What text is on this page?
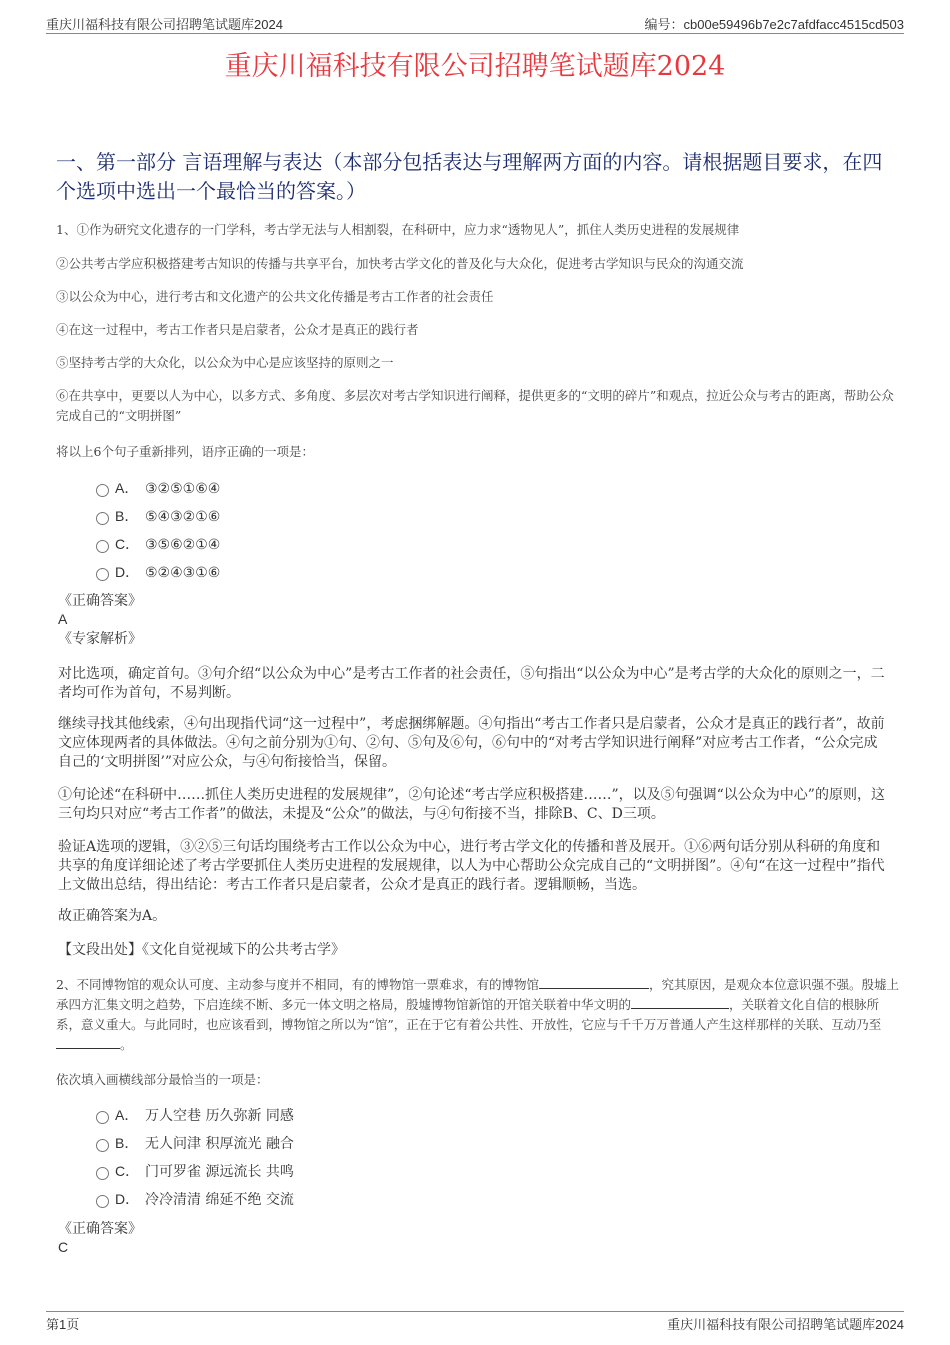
重庆川福科技有限公司招聘笔试题库2024	编号：cb00e59496b7e2c7afdfacc4515cd503
重庆川福科技有限公司招聘笔试题库2024
一、第一部分 言语理解与表达（本部分包括表达与理解两方面的内容。请根据题目要求，在四个选项中选出一个最恰当的答案。）
1、①作为研究文化遗存的一门学科，考古学无法与人相割裂，在科研中，应力求“透物见人”，抓住人类历史进程的发展规律
②公共考古学应积极搭建考古知识的传播与共享平台，加快考古学文化的普及化与大众化，促进考古学知识与民众的沟通交流
③以公众为中心，进行考古和文化遗产的公共文化传播是考古工作者的社会责任
④在这一过程中，考古工作者只是启蒙者，公众才是真正的践行者
⑤坚持考古学的大众化，以公众为中心是应该坚持的原则之一
⑥在共享中，更要以人为中心，以多方式、多角度、多层次对考古学知识进行阐释，提供更多的“文明的碎片”和观点，拉近公众与考古的距离，帮助公众完成自己的“文明拼图”
将以上6个句子重新排列，语序正确的一项是：
A． ③②⑤①⑥④
B． ⑤④③②①⑥
C． ③⑤⑥②①④
D． ⑤②④③①⑥
《正确答案》
A
《专家解析》
对比选项，确定首句。③句介绍“以公众为中心”是考古工作者的社会责任，⑤句指出“以公众为中心”是考古学的大众化的原则之一，二者均可作为首句，不易判断。
继续寻找其他线索，④句出现指代词“这一过程中”，考虑捆绑解题。④句指出“考古工作者只是启蒙者，公众才是真正的践行者”，故前文应体现两者的具体做法。④句之前分别为①句、②句、⑤句及⑥句，⑥句中的“对考古学知识进行阐释”对应考古工作者，“公众完成自己的‘文明拼图’”对应公众，与④句衔接恰当，保留。
①句论述“在科研中……抓住人类历史进程的发展规律”，②句论述“考古学应积极搭建……”，以及⑤句强调“以公众为中心”的原则，这三句均只对应“考古工作者”的做法，未提及“公众”的做法，与④句衔接不当，排除B、C、D三项。
验证A选项的逻辑，③②⑤三句话均围绕考古工作以公众为中心，进行考古学文化的传播和普及展开。①⑥两句话分别从科研的角度和共享的角度详细论述了考古学要抓住人类历史进程的发展规律，以人为中心帮助公众完成自己的“文明拼图”。④句“在这一过程中”指代上文做出总结，得出结论：考古工作者只是启蒙者，公众才是真正的践行者。逻辑顺畅，当选。
故正确答案为A。
【文段出处】《文化自觉视域下的公共考古学》
2、不同博物馆的观众认可度、主动参与度并不相同，有的博物馆一票难求，有的博物馆	，究其原因，是观众本位意识强不强。殷墟上承四方汇集文明之趋势，下启连续不断、多元一体文明之格局，殷墟博物馆新馆的开馆关联着中华文明的	，关联着文化自信的根脉所系，意义重大。与此同时，也应该看到，博物馆之所以为“馆”，正在于它有着公共性、开放性，它应与千千万万普通人产生这样那样的关联、互动乃至。
依次填入画横线部分最恰当的一项是：
A． 万人空巷 历久弥新 同感
B． 无人问津 积厚流光 融合
C． 门可罗雀 源远流长 共鸣
D． 冷冷清清 绵延不绝 交流
《正确答案》
C
第1页	重庆川福科技有限公司招聘笔试题库2024
